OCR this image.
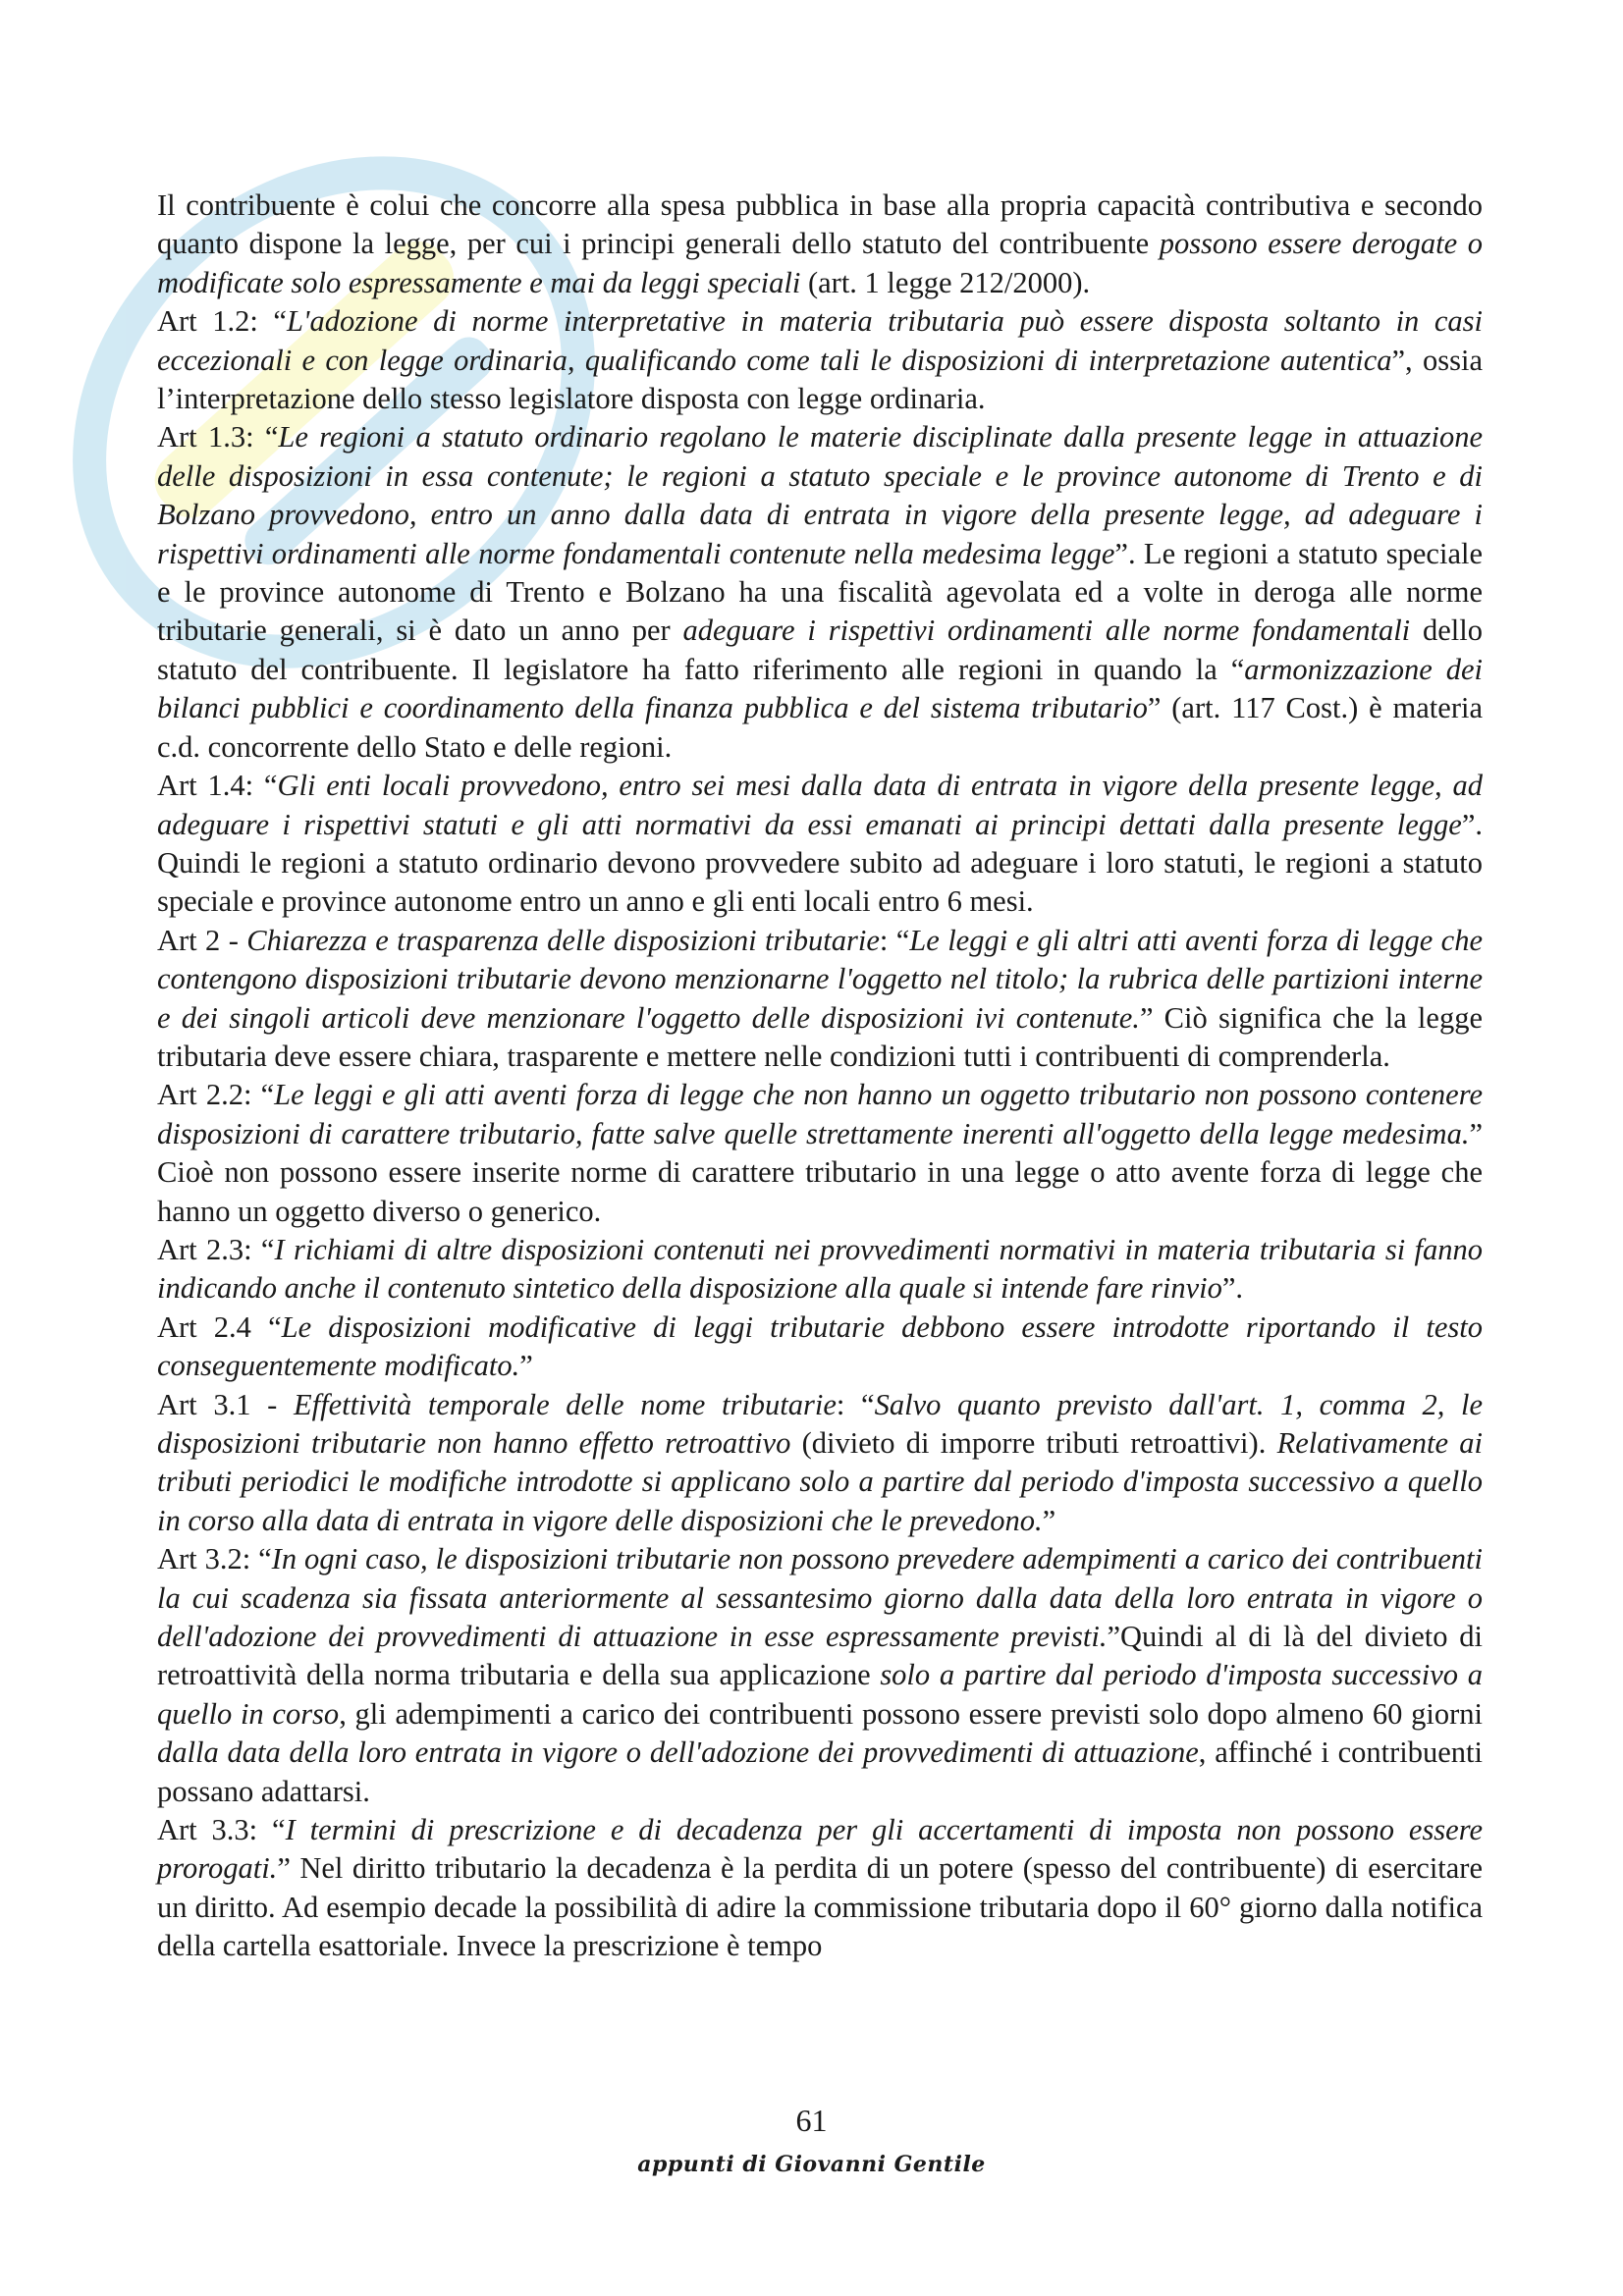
Il contribuente è colui che concorre alla spesa pubblica in base alla propria capacità contributiva e secondo quanto dispone la legge, per cui i principi generali dello statuto del contribuente possono essere derogate o modificate solo espressamente e mai da leggi speciali (art. 1 legge 212/2000).

Art 1.2: “L'adozione di norme interpretative in materia tributaria può essere disposta soltanto in casi eccezionali e con legge ordinaria, qualificando come tali le disposizioni di interpretazione autentica”, ossia l’interpretazione dello stesso legislatore disposta con legge ordinaria.

Art 1.3: “Le regioni a statuto ordinario regolano le materie disciplinate dalla presente legge in attuazione delle disposizioni in essa contenute; le regioni a statuto speciale e le province autonome di Trento e di Bolzano provvedono, entro un anno dalla data di entrata in vigore della presente legge, ad adeguare i rispettivi ordinamenti alle norme fondamentali contenute nella medesima legge”. Le regioni a statuto speciale e le province autonome di Trento e Bolzano ha una fiscalità agevolata ed a volte in deroga alle norme tributarie generali, si è dato un anno per adeguare i rispettivi ordinamenti alle norme fondamentali dello statuto del contribuente. Il legislatore ha fatto riferimento alle regioni in quando la “armonizzazione dei bilanci pubblici e coordinamento della finanza pubblica e del sistema tributario” (art. 117 Cost.) è materia c.d. concorrente dello Stato e delle regioni.

Art 1.4: “Gli enti locali provvedono, entro sei mesi dalla data di entrata in vigore della presente legge, ad adeguare i rispettivi statuti e gli atti normativi da essi emanati ai principi dettati dalla presente legge”. Quindi le regioni a statuto ordinario devono provvedere subito ad adeguare i loro statuti, le regioni a statuto speciale e province autonome entro un anno e gli enti locali entro 6 mesi.

Art 2 - Chiarezza e trasparenza delle disposizioni tributarie: “Le leggi e gli altri atti aventi forza di legge che contengono disposizioni tributarie devono menzionarne l'oggetto nel titolo; la rubrica delle partizioni interne e dei singoli articoli deve menzionare l'oggetto delle disposizioni ivi contenute.” Ciò significa che la legge tributaria deve essere chiara, trasparente e mettere nelle condizioni tutti i contribuenti di comprenderla.

Art 2.2: “Le leggi e gli atti aventi forza di legge che non hanno un oggetto tributario non possono contenere disposizioni di carattere tributario, fatte salve quelle strettamente inerenti all'oggetto della legge medesima.” Cioè non possono essere inserite norme di carattere tributario in una legge o atto avente forza di legge che hanno un oggetto diverso o generico.

Art 2.3: “I richiami di altre disposizioni contenuti nei provvedimenti normativi in materia tributaria si fanno indicando anche il contenuto sintetico della disposizione alla quale si intende fare rinvio”.

Art 2.4 “Le disposizioni modificative di leggi tributarie debbono essere introdotte riportando il testo conseguentemente modificato.”

Art 3.1 - Effettività temporale delle nome tributarie: “Salvo quanto previsto dall'art. 1, comma 2, le disposizioni tributarie non hanno effetto retroattivo (divieto di imporre tributi retroattivi). Relativamente ai tributi periodici le modifiche introdotte si applicano solo a partire dal periodo d'imposta successivo a quello in corso alla data di entrata in vigore delle disposizioni che le prevedono.”

Art 3.2: “In ogni caso, le disposizioni tributarie non possono prevedere adempimenti a carico dei contribuenti la cui scadenza sia fissata anteriormente al sessantesimo giorno dalla data della loro entrata in vigore o dell'adozione dei provvedimenti di attuazione in esse espressamente previsti.”Quindi al di là del divieto di retroattività della norma tributaria e della sua applicazione solo a partire dal periodo d'imposta successivo a quello in corso, gli adempimenti a carico dei contribuenti possono essere previsti solo dopo almeno 60 giorni dalla data della loro entrata in vigore o dell'adozione dei provvedimenti di attuazione, affinché i contribuenti possano adattarsi.

Art 3.3: “I termini di prescrizione e di decadenza per gli accertamenti di imposta non possono essere prorogati.” Nel diritto tributario la decadenza è la perdita di un potere (spesso del contribuente) di esercitare un diritto. Ad esempio decade la possibilità di adire la commissione tributaria dopo il 60° giorno dalla notifica della cartella esattoriale. Invece la prescrizione è tempo

61
appunti di Giovanni Gentile
